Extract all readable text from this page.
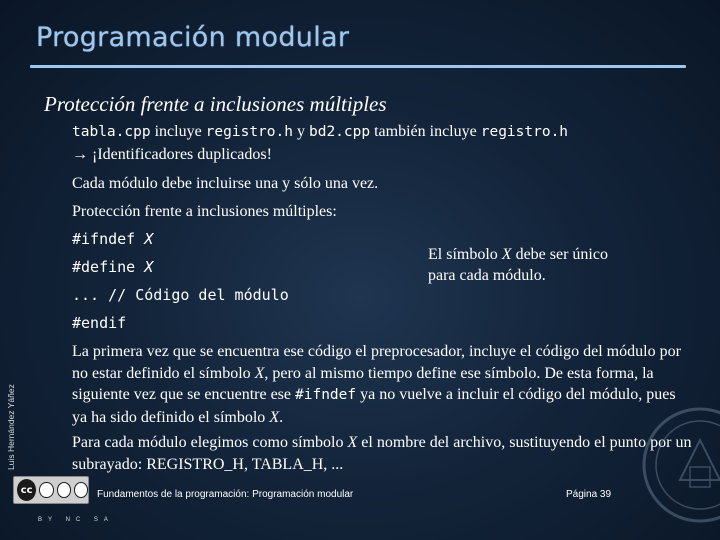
Programación modular
Protección frente a inclusiones múltiples
tabla.cpp incluye registro.h y bd2.cpp también incluye registro.h
→ ¡Identificadores duplicados!
Cada módulo debe incluirse una y sólo una vez.
Protección frente a inclusiones múltiples:
#ifndef X
#define X
... // Código del módulo
#endif
El símbolo X debe ser único
para cada módulo.
La primera vez que se encuentra ese código el preprocesador, incluye el código del módulo por no estar definido el símbolo X, pero al mismo tiempo define ese símbolo. De esta forma, la siguiente vez que se encuentre ese #ifndef ya no vuelve a incluir el código del módulo, pues ya ha sido definido el símbolo X.
Para cada módulo elegimos como símbolo X el nombre del archivo, sustituyendo el punto por un subrayado: REGISTRO_H, TABLA_H, ...
Luis Hernández Yáñez
cc
BY NC SA
Fundamentos de la programación: Programación modular	Página 39
